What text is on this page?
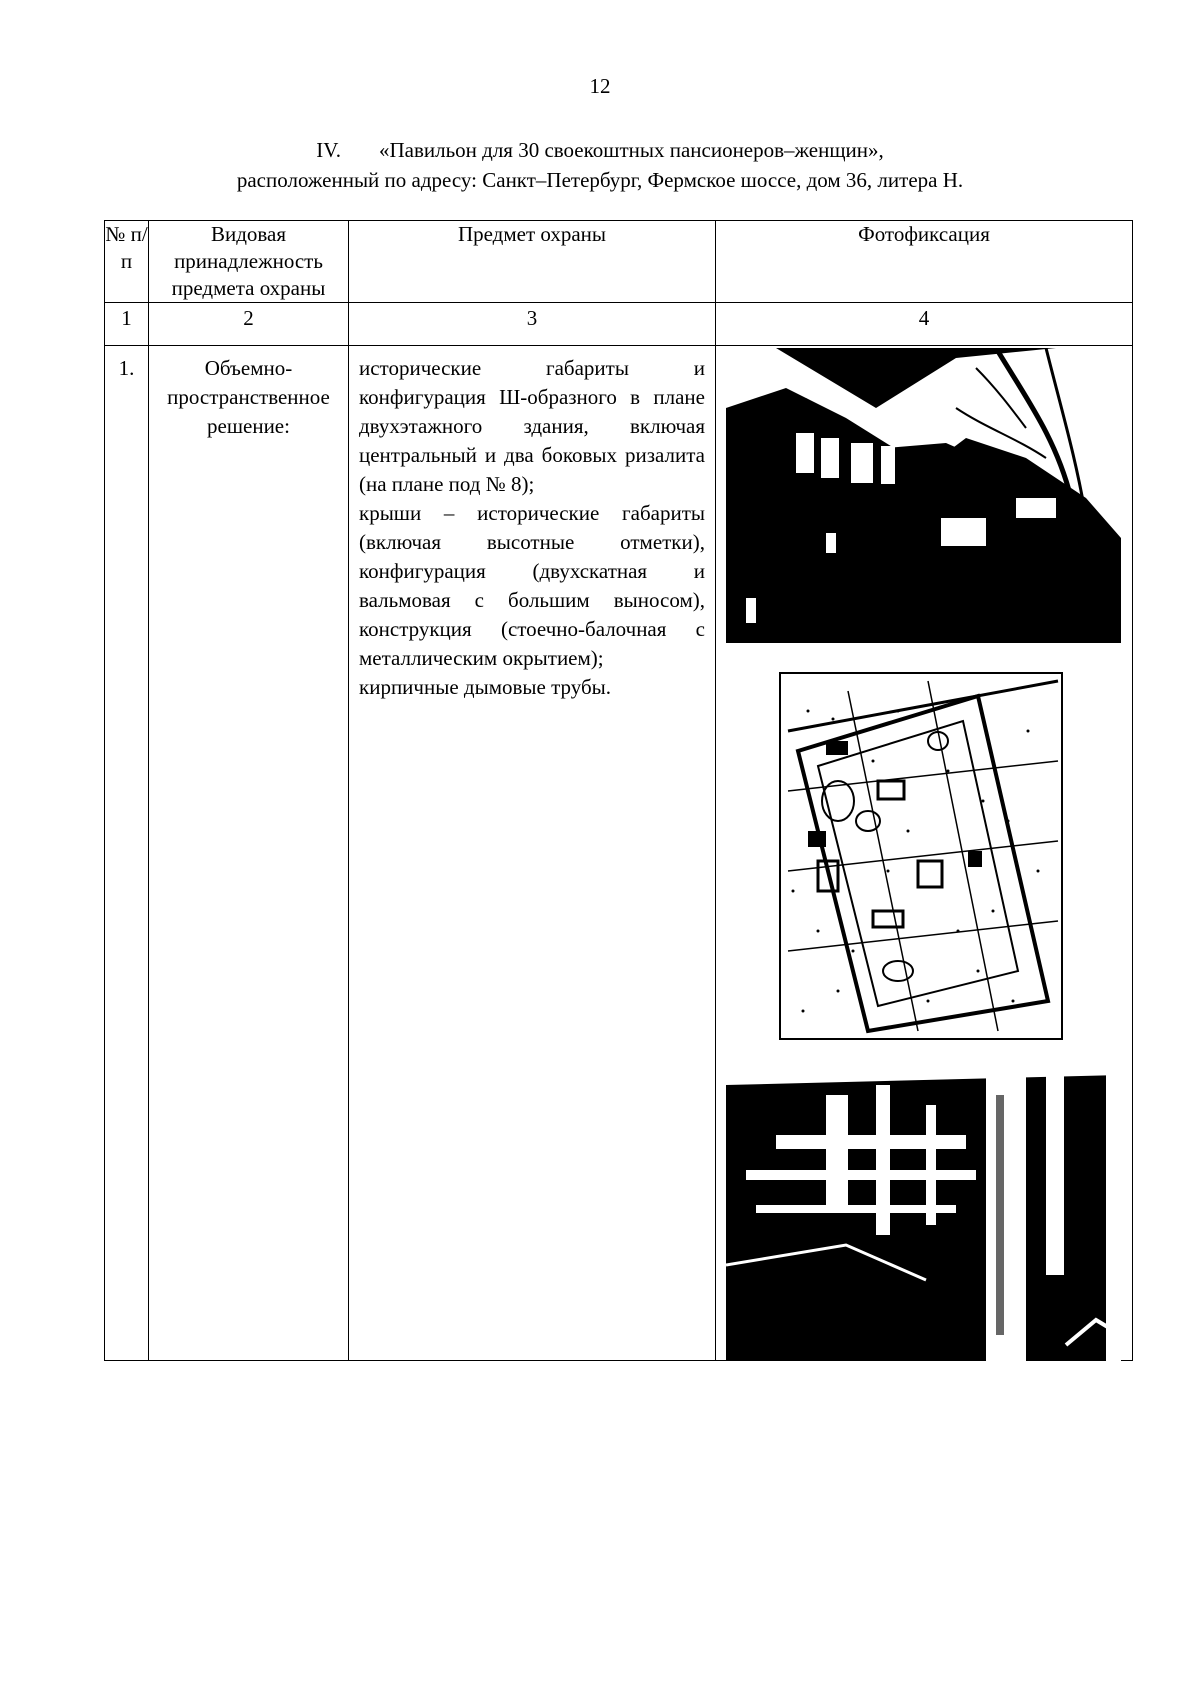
12
IV. «Павильон для 30 своекоштных пансионеров–женщин»,
расположенный по адресу: Санкт–Петербург, Фермское шоссе, дом 36, литера Н.
№ п/п	Видовая принадлежность предмета охраны	Предмет охраны	Фотофиксация
1	2	3	4
1.	Объемно-пространственное решение:	исторические габариты и конфигурация Ш-образного в плане двухэтажного здания, включая центральный и два боковых ризалита (на плане под № 8);

крыши – исторические габариты (включая высотные отметки), конфигурация (двухскатная и вальмовая с большим выносом), конструкция (стоечно-балочная с металлическим окрытием);

кирпичные дымовые трубы.
